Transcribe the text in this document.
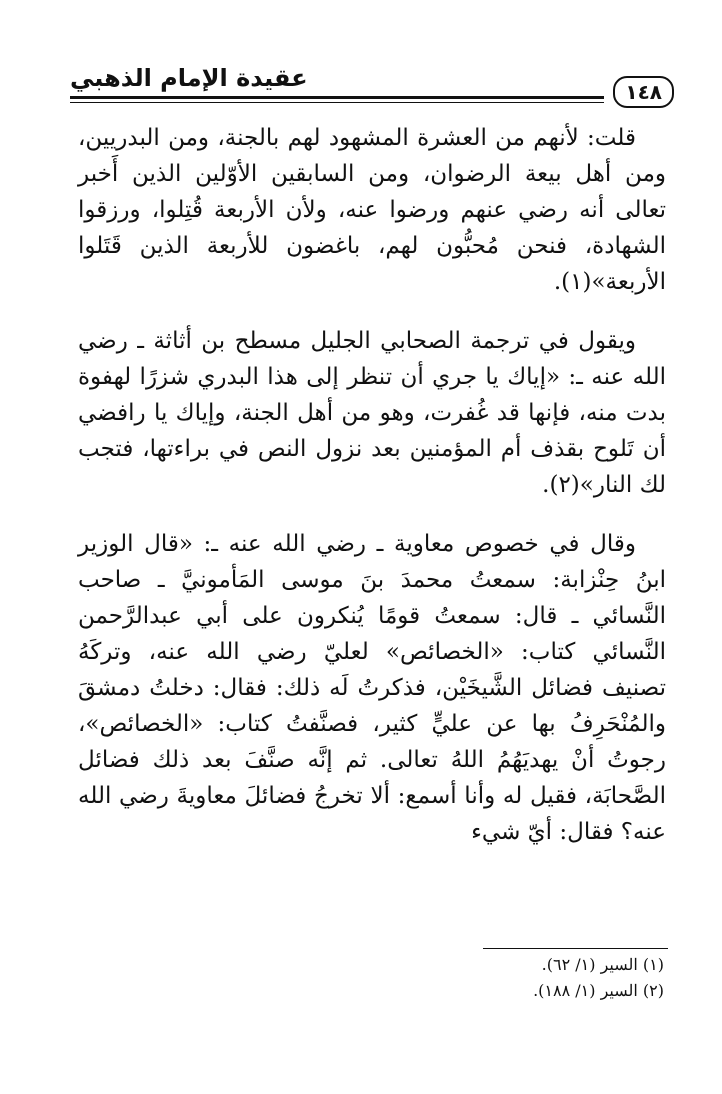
١٤٨
عقيدة الإمام الذهبي

قلت: لأنهم من العشرة المشهود لهم بالجنة، ومن البدريين، ومن أهل بيعة الرضوان، ومن السابقين الأوّلين الذين أَخبر تعالى أنه رضي عنهم ورضوا عنه، ولأن الأربعة قُتِلوا، ورزقوا الشهادة، فنحن مُحبُّون لهم، باغضون للأربعة الذين قَتَلوا الأربعة»(١).

ويقول في ترجمة الصحابي الجليل مسطح بن أثاثة ـ رضي الله عنه ـ: «إياك يا جري أن تنظر إلى هذا البدري شزرًا لهفوة بدت منه، فإنها قد غُفرت، وهو من أهل الجنة، وإياك يا رافضي أن تَلوح بقذف أم المؤمنين بعد نزول النص في براءتها، فتجب لك النار»(٢).

وقال في خصوص معاوية ـ رضي الله عنه ـ: «قال الوزير ابنُ حِنْزابة: سمعتُ محمدَ بنَ موسى المَأمونيَّ ـ صاحب النَّسائي ـ قال: سمعتُ قومًا يُنكرون على أبي عبدالرَّحمن النَّسائي كتاب: «الخصائص» لعليّ رضي الله عنه، وتركَهُ تصنيف فضائل الشَّيخَيْن، فذكرتُ لَه ذلك: فقال: دخلتُ دمشقَ والمُنْحَرِفُ بها عن عليٍّ كثير، فصنَّفتُ كتاب: «الخصائص»، رجوتُ أنْ يهديَهُمُ اللهُ تعالى. ثم إنَّه صنَّفَ بعد ذلك فضائل الصَّحابَة، فقيل له وأنا أسمع: ألا تخرجُ فضائلَ معاويةَ رضي الله عنه؟ فقال: أيّ شيء

(١) السير (١/ ٦٢).

(٢) السير (١/ ١٨٨).
